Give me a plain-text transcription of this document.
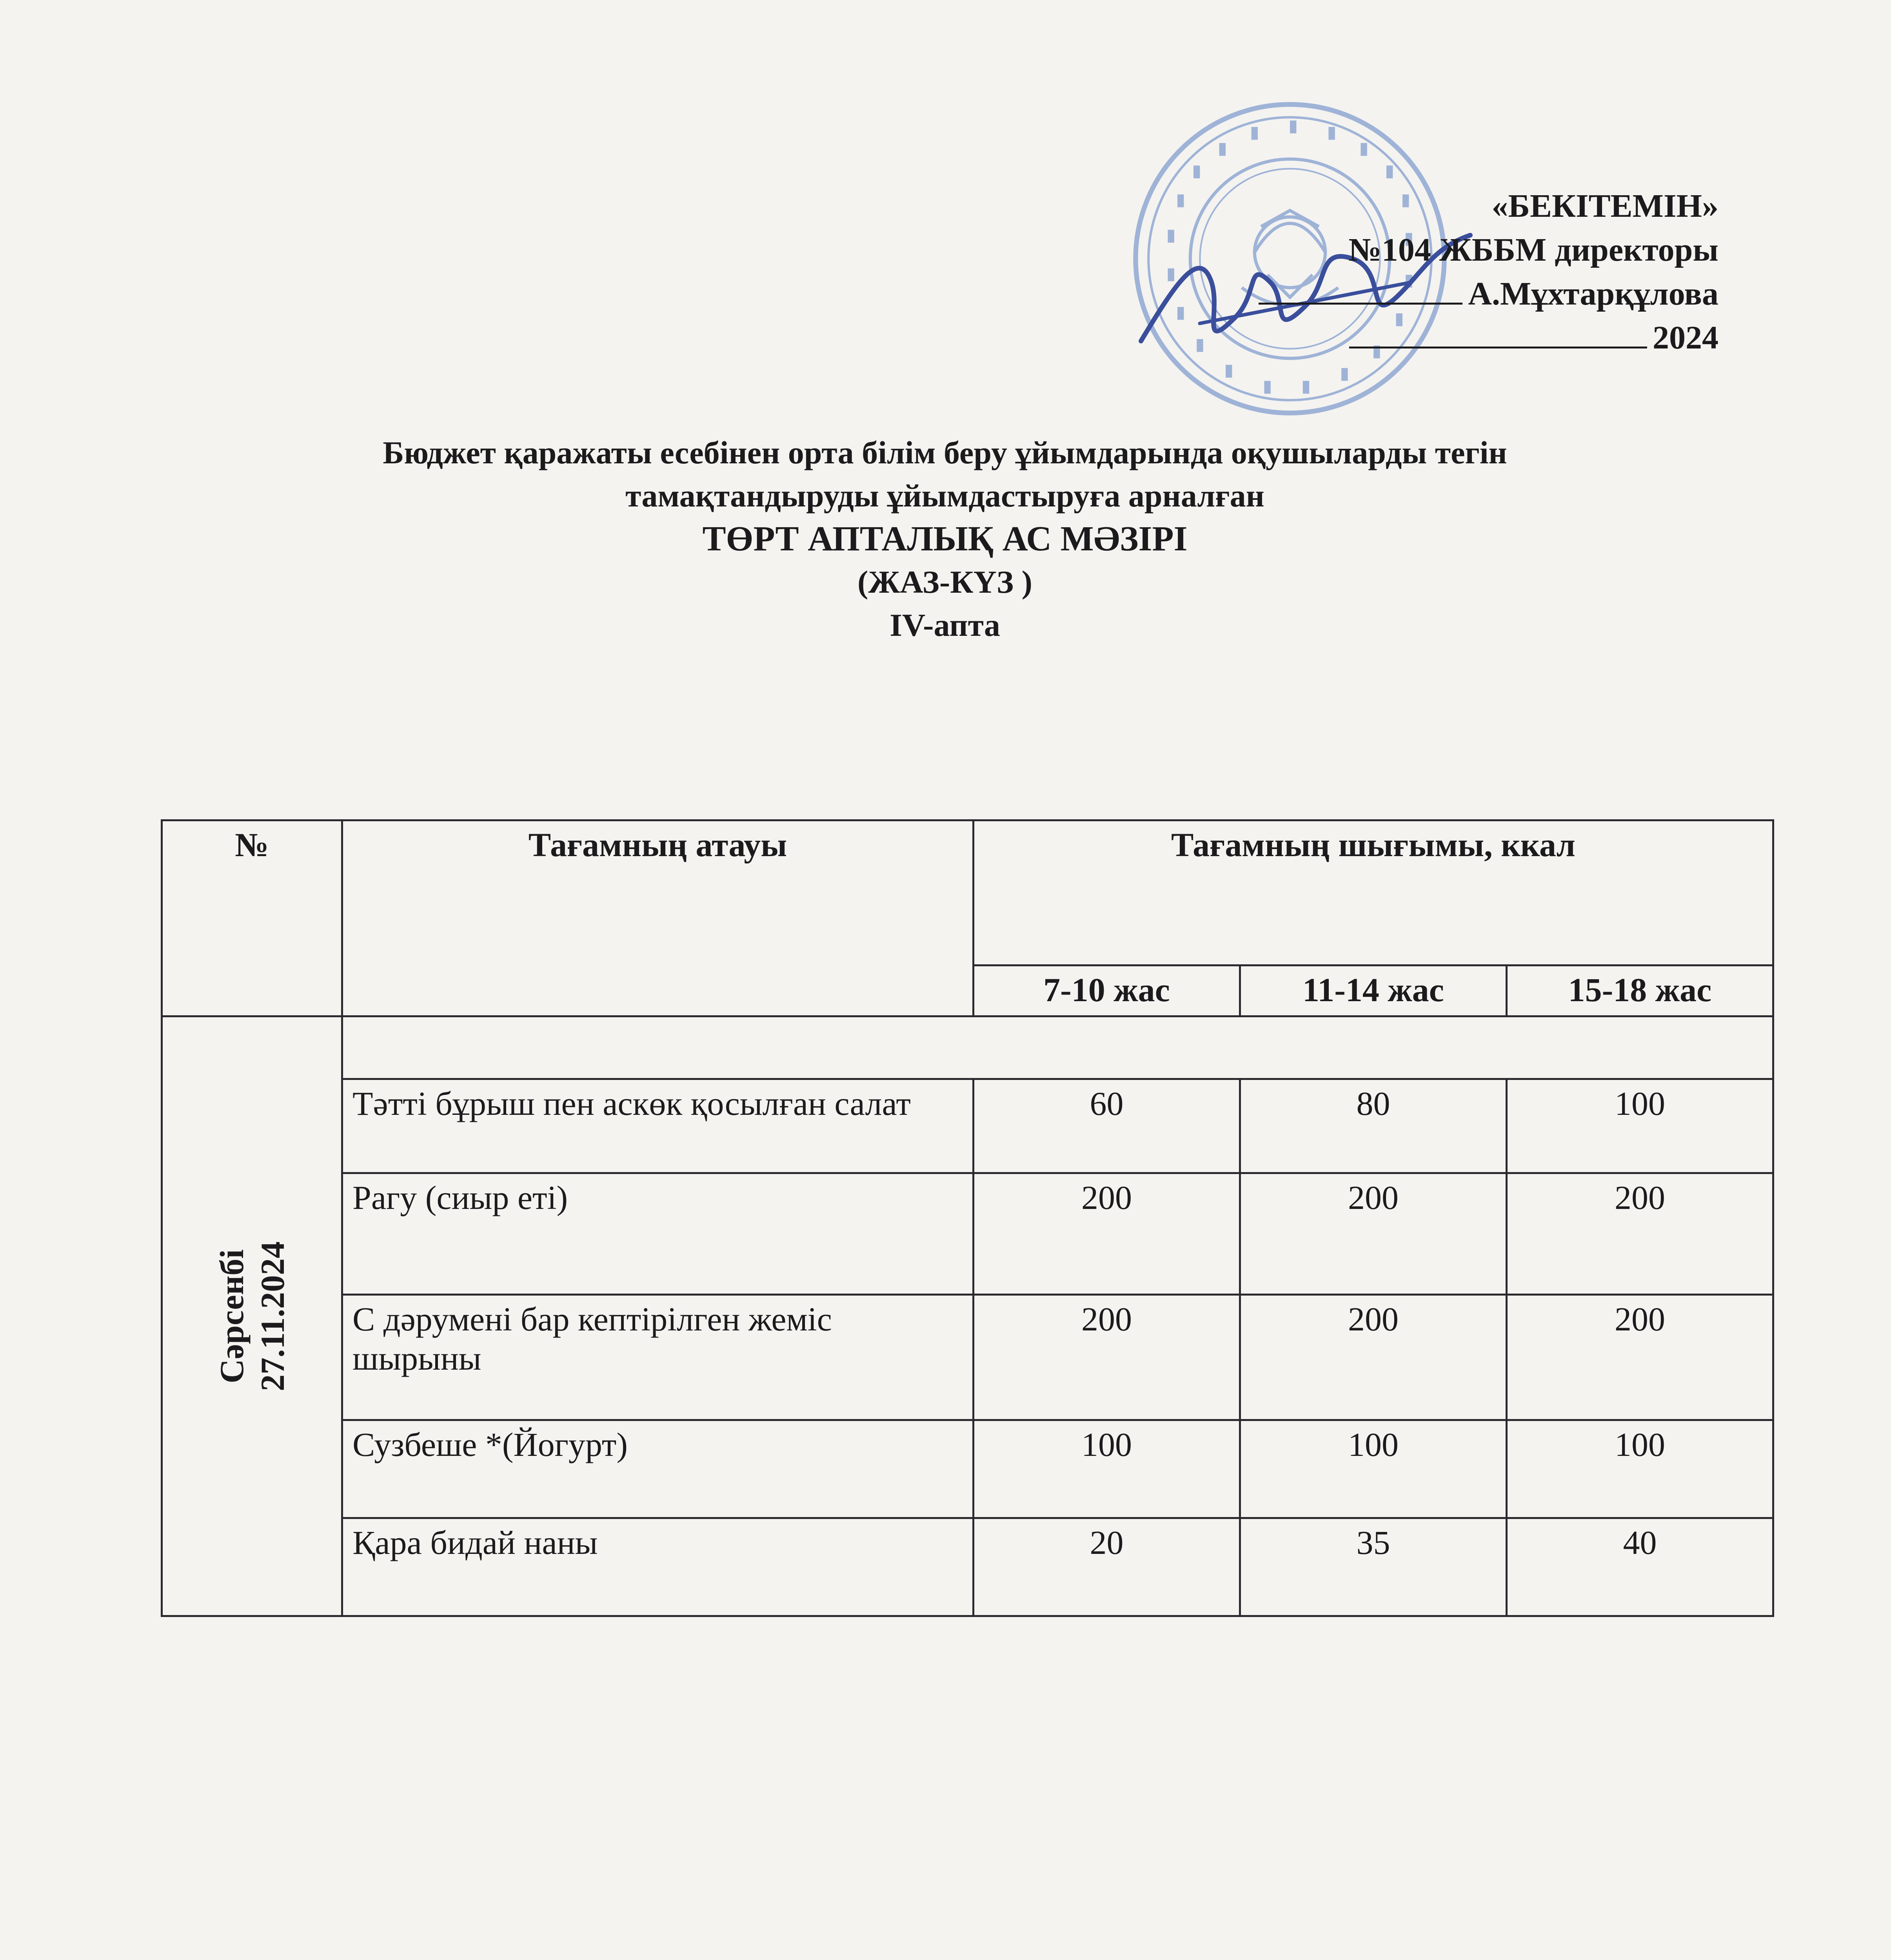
«БЕКІТЕМІН»
№104 ЖББМ директоры
А.Мұхтарқұлова
2024
Бюджет қаражаты есебінен орта білім беру ұйымдарында оқушыларды тегін
тамақтандыруды ұйымдастыруға арналған
ТӨРТ АПТАЛЫҚ АС МӘЗІРІ
(ЖАЗ-КҮЗ )
IV-апта
№	Тағамның атауы	Тағамның шығымы, ккал		
		7-10 жас	11-14 жас	15-18 жас

Сәрсенбі 27.11.2024				

	Тәтті бұрыш пен аскөк қосылған салат	60	80	100
	Рагу (сиыр еті)	200	200	200
	С дәрумені бар кептірілген жеміс шырыны	200	200	200
	Сузбеше *(Йогурт)	100	100	100
	Қара бидай наны	20	35	40
